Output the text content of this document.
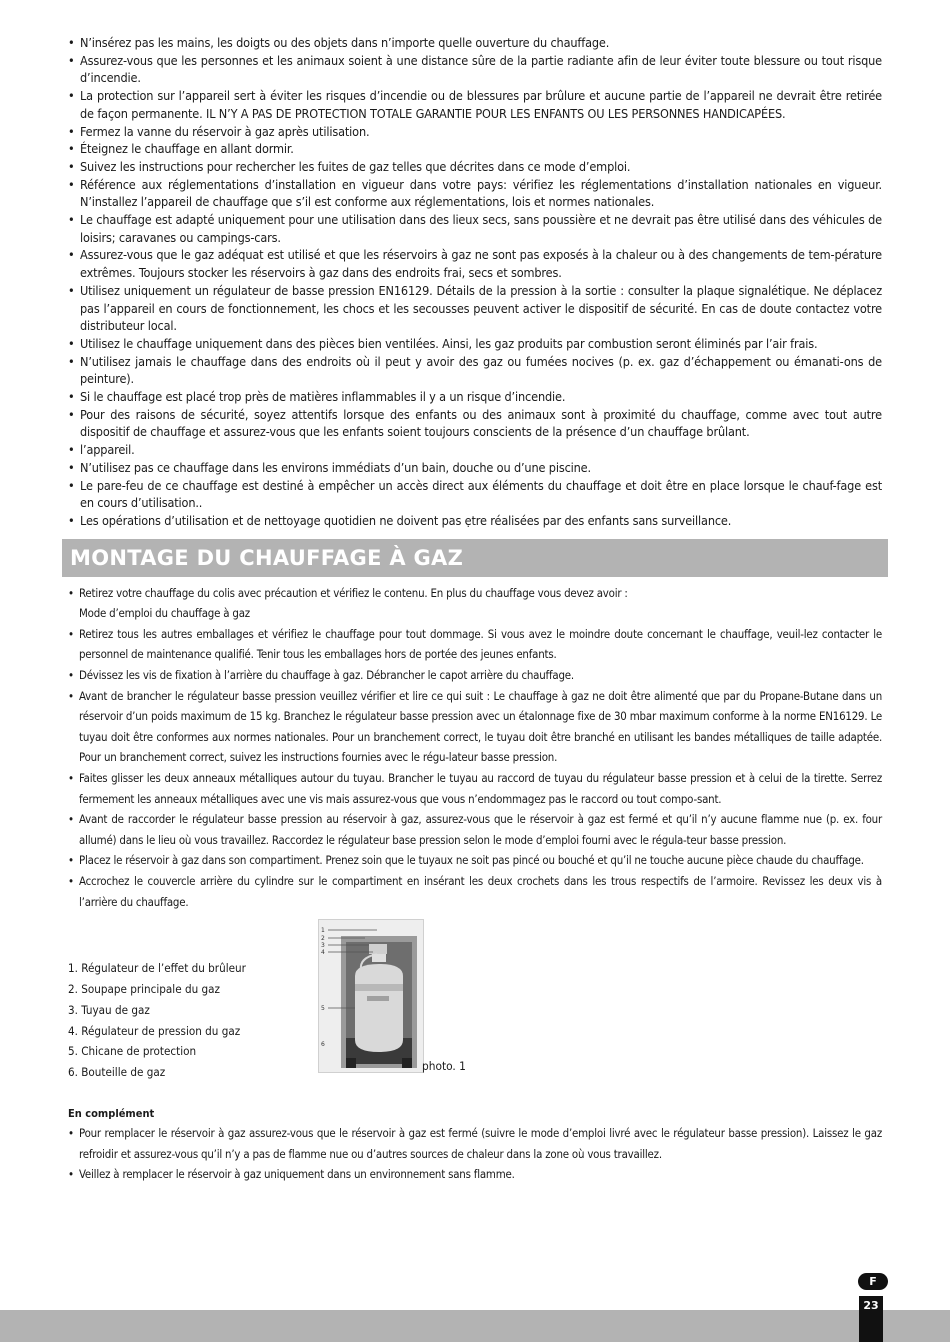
• N’insérez pas les mains, les doigts ou des objets dans n’importe quelle ouverture du chauffage.
• Assurez-vous que les personnes et les animaux soient à une distance sûre de la partie radiante afin de leur éviter toute blessure ou tout risque d’incendie.
• La protection sur l’appareil sert à éviter les risques d’incendie ou de blessures par brûlure et aucune partie de l’appareil ne devrait être retirée de façon permanente. IL N’Y A PAS DE PROTECTION TOTALE GARANTIE POUR LES ENFANTS OU LES PERSONNES HANDICAPÉES.
• Fermez la vanne du réservoir à gaz après utilisation.
• Éteignez le chauffage en allant dormir.
• Suivez les instructions pour rechercher les fuites de gaz telles que décrites dans ce mode d’emploi.
• Référence aux réglementations d’installation en vigueur dans votre pays: vérifiez les réglementations d’installation nationales en vigueur. N’installez l’appareil de chauffage que s’il est conforme aux réglementations, lois et normes nationales.
• Le chauffage est adapté uniquement pour une utilisation dans des lieux secs, sans poussière et ne devrait pas être utilisé dans des véhicules de loisirs; caravanes ou campings-cars.
• Assurez-vous que le gaz adéquat est utilisé et que les réservoirs à gaz ne sont pas exposés à la chaleur ou à des changements de tem-pérature extrêmes. Toujours stocker les réservoirs à gaz dans des endroits frai, secs et sombres.
• Utilisez uniquement un régulateur de basse pression EN16129. Détails de la pression à la sortie : consulter la plaque signalétique. Ne déplacez pas l’appareil en cours de fonctionnement, les chocs et les secousses peuvent activer le dispositif de sécurité. En cas de doute contactez votre distributeur local.
• Utilisez le chauffage uniquement dans des pièces bien ventilées. Ainsi, les gaz produits par combustion seront éliminés par l’air frais.
• N’utilisez jamais le chauffage dans des endroits où il peut y avoir des gaz ou fumées nocives (p. ex. gaz d’échappement ou émanati-ons de peinture).
• Si le chauffage est placé trop près de matières inflammables il y a un risque d’incendie.
• Pour des raisons de sécurité, soyez attentifs lorsque des enfants ou des animaux sont à proximité du chauffage, comme avec tout autre dispositif de chauffage et assurez-vous que les enfants soient toujours conscients de la présence d’un chauffage brûlant.
• l’appareil.
• N’utilisez pas ce chauffage dans les environs immédiats d’un bain, douche ou d’une piscine.
• Le pare-feu de ce chauffage est destiné à empêcher un accès direct aux éléments du chauffage et doit être en place lorsque le chauf-fage est en cours d’utilisation..
• Les opérations d’utilisation et de nettoyage quotidien ne doivent pas ẹtre réalisées par des enfants sans surveillance.
MONTAGE DU CHAUFFAGE À GAZ
• Retirez votre chauffage du colis avec précaution et vérifiez le contenu. En plus du chauffage vous devez avoir :
Mode d’emploi du chauffage à gaz
• Retirez tous les autres emballages et vérifiez le chauffage pour tout dommage. Si vous avez le moindre doute concernant le chauffage, veuil-lez contacter le personnel de maintenance qualifié. Tenir tous les emballages hors de portée des jeunes enfants.
• Dévissez les vis de fixation à l’arrière du chauffage à gaz. Débrancher le capot arrière du chauffage.
• Avant de brancher le régulateur basse pression veuillez vérifier et lire ce qui suit : Le chauffage à gaz ne doit être alimenté que par du Propane-Butane dans un réservoir d’un poids maximum de 15 kg. Branchez le régulateur basse pression avec un étalonnage fixe de 30 mbar maximum conforme à la norme EN16129. Le tuyau doit être conformes aux normes nationales. Pour un branchement correct, le tuyau doit être branché en utilisant les bandes métalliques de taille adaptée. Pour un branchement correct, suivez les instructions fournies avec le régu-lateur basse pression.
• Faites glisser les deux anneaux métalliques autour du tuyau. Brancher le tuyau au raccord de tuyau du régulateur basse pression et à celui de la tirette. Serrez fermement les anneaux métalliques avec une vis mais assurez-vous que vous n’endommagez pas le raccord ou tout compo-sant.
• Avant de raccorder le régulateur basse pression au réservoir à gaz, assurez-vous que le réservoir à gaz est fermé et qu’il n’y aucune flamme nue (p. ex. four allumé) dans le lieu où vous travaillez. Raccordez le régulateur base pression selon le mode d’emploi fourni avec le régula-teur basse pression.
• Placez le réservoir à gaz dans son compartiment. Prenez soin que le tuyaux ne soit pas pincé ou bouché et qu’il ne touche aucune pièce chaude du chauffage.
• Accrochez le couvercle arrière du cylindre sur le compartiment en insérant les deux crochets dans les trous respectifs de l’armoire. Revissez les deux vis à l’arrière du chauffage.
1. Régulateur de l’effet du brûleur
2. Soupape principale du gaz
3. Tuyau de gaz
4. Régulateur de pression du gaz
5. Chicane de protection
6. Bouteille de gaz
1
2
3
4
5
6
photo. 1
En complément
• Pour remplacer le réservoir à gaz assurez-vous que le réservoir à gaz est fermé (suivre le mode d’emploi livré avec le régulateur basse pression). Laissez le gaz refroidir et assurez-vous qu’il n’y a pas de flamme nue ou d’autres sources de chaleur dans la zone où vous travaillez.
• Veillez à remplacer le réservoir à gaz uniquement dans un environnement sans flamme.
F
23
